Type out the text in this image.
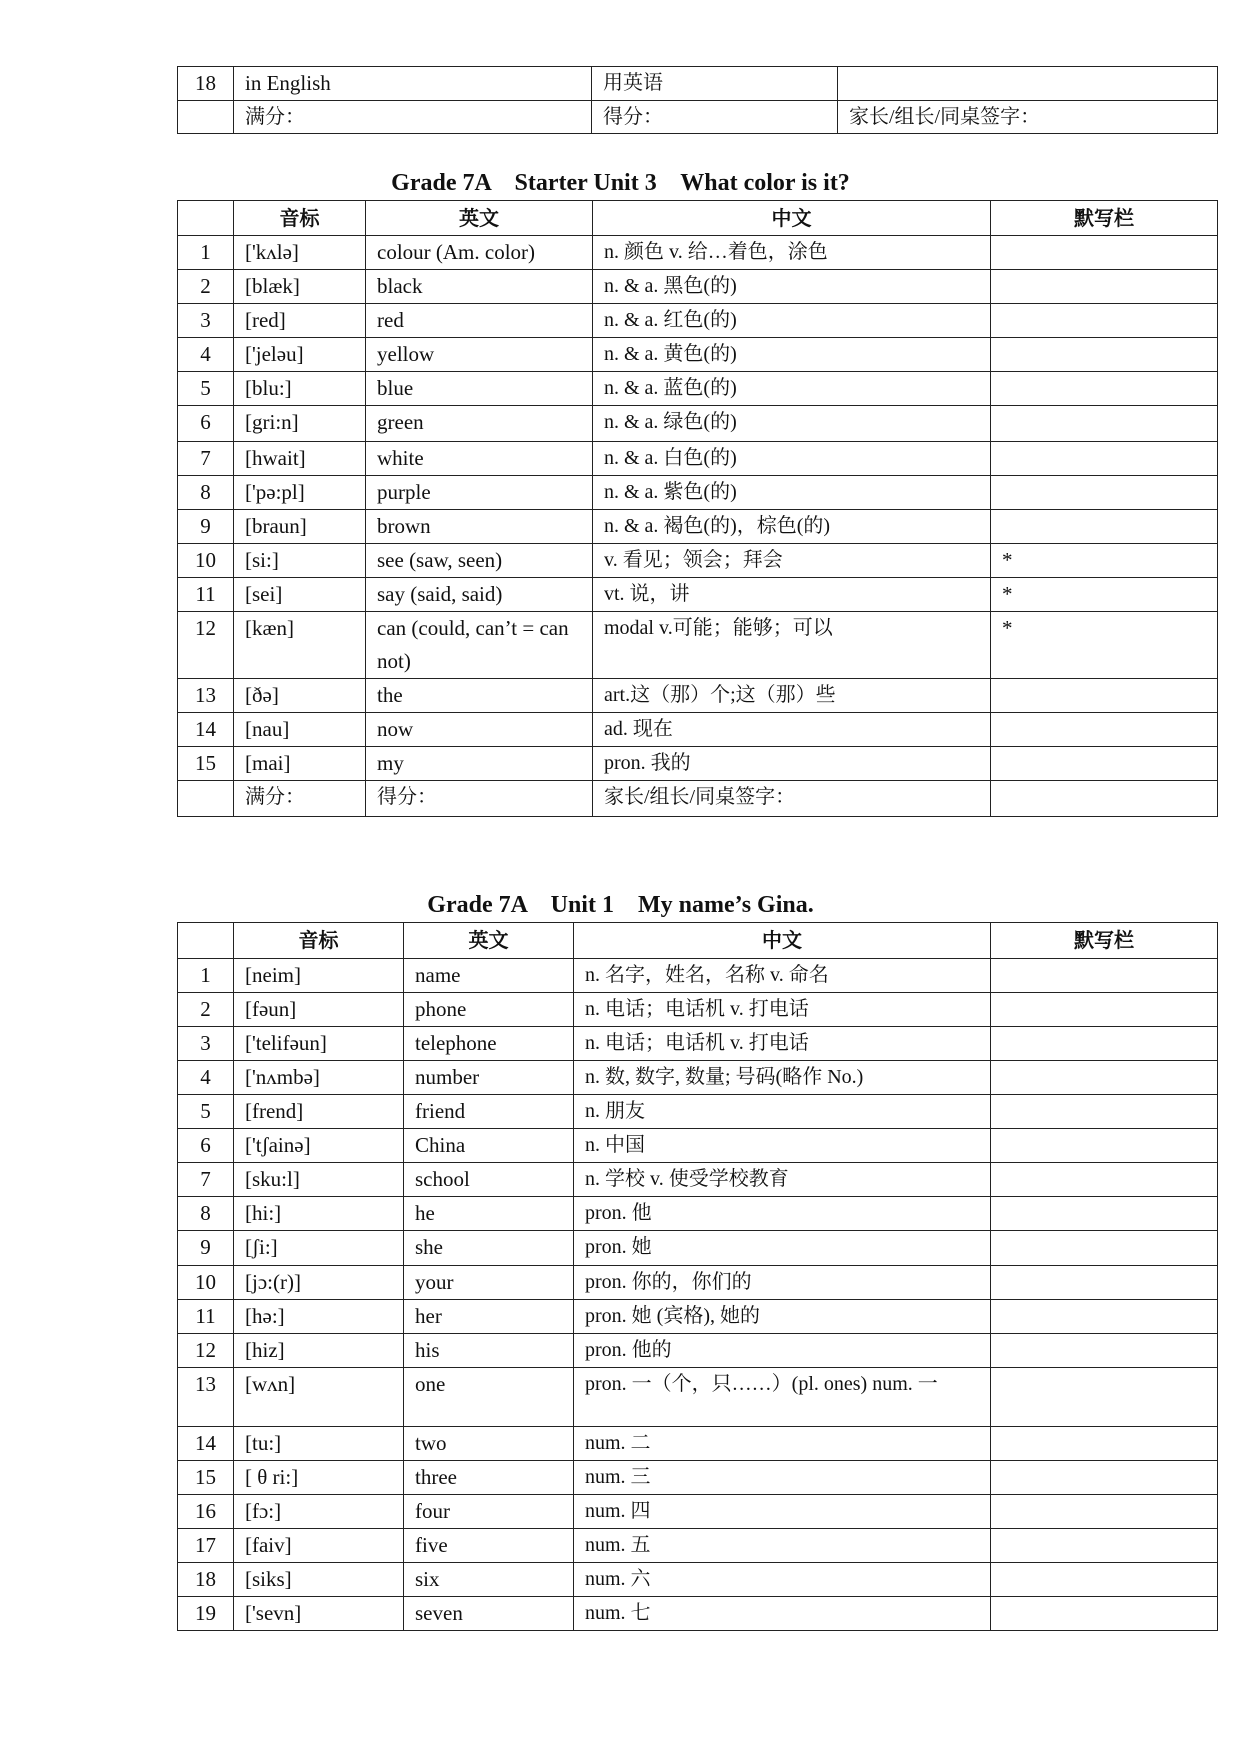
18	in English	用英语	
	满分：	得分：	家长/组长/同桌签字：
Grade 7A    Starter Unit 3    What color is it?
	音标	英文	中文	默写栏
1	['kʌlə]	colour (Am. color)	n. 颜色 v. 给…着色，涂色	
2	[blæk]	black	n. & a. 黑色(的)	
3	[red]	red	n. & a. 红色(的)	
4	['jeləu]	yellow	n. & a. 黄色(的)	
5	[blu:]	blue	n. & a. 蓝色(的)	
6	[gri:n]	green	n. & a. 绿色(的)	
7	[hwait]	white	n. & a. 白色(的)	
8	['pə:pl]	purple	n. & a. 紫色(的)	
9	[braun]	brown	n. & a. 褐色(的)，棕色(的)	
10	[si:]	see (saw, seen)	v. 看见；领会；拜会	*
11	[sei]	say (said, said)	vt. 说，讲	*
12	[kæn]	can (could, can’t = can not)	modal v.可能；能够；可以	*
13	[ðə]	the	art.这（那）个;这（那）些	
14	[nau]	now	ad. 现在	
15	[mai]	my	pron. 我的	
	满分：	得分：	家长/组长/同桌签字：	
Grade 7A    Unit 1    My name’s Gina.
	音标	英文	中文	默写栏
1	[neim]	name	n. 名字，姓名，名称 v. 命名	
2	[fəun]	phone	n. 电话；电话机 v. 打电话	
3	['telifəun]	telephone	n. 电话；电话机 v. 打电话	
4	['nʌmbə]	number	n. 数, 数字, 数量; 号码(略作 No.)	
5	[frend]	friend	n. 朋友	
6	['tʃainə]	China	n. 中国	
7	[sku:l]	school	n. 学校 v. 使受学校教育	
8	[hi:]	he	pron. 他	
9	[ʃi:]	she	pron. 她	
10	[jɔ:(r)]	your	pron. 你的，你们的	
11	[hə:]	her	pron. 她 (宾格), 她的	
12	[hiz]	his	pron. 他的	
13	[wʌn]	one	pron. 一（个，只……）(pl. ones) num. 一	
14	[tu:]	two	num. 二	
15	[ θ ri:]	three	num. 三	
16	[fɔ:]	four	num. 四	
17	[faiv]	five	num. 五	
18	[siks]	six	num. 六	
19	['sevn]	seven	num. 七	
